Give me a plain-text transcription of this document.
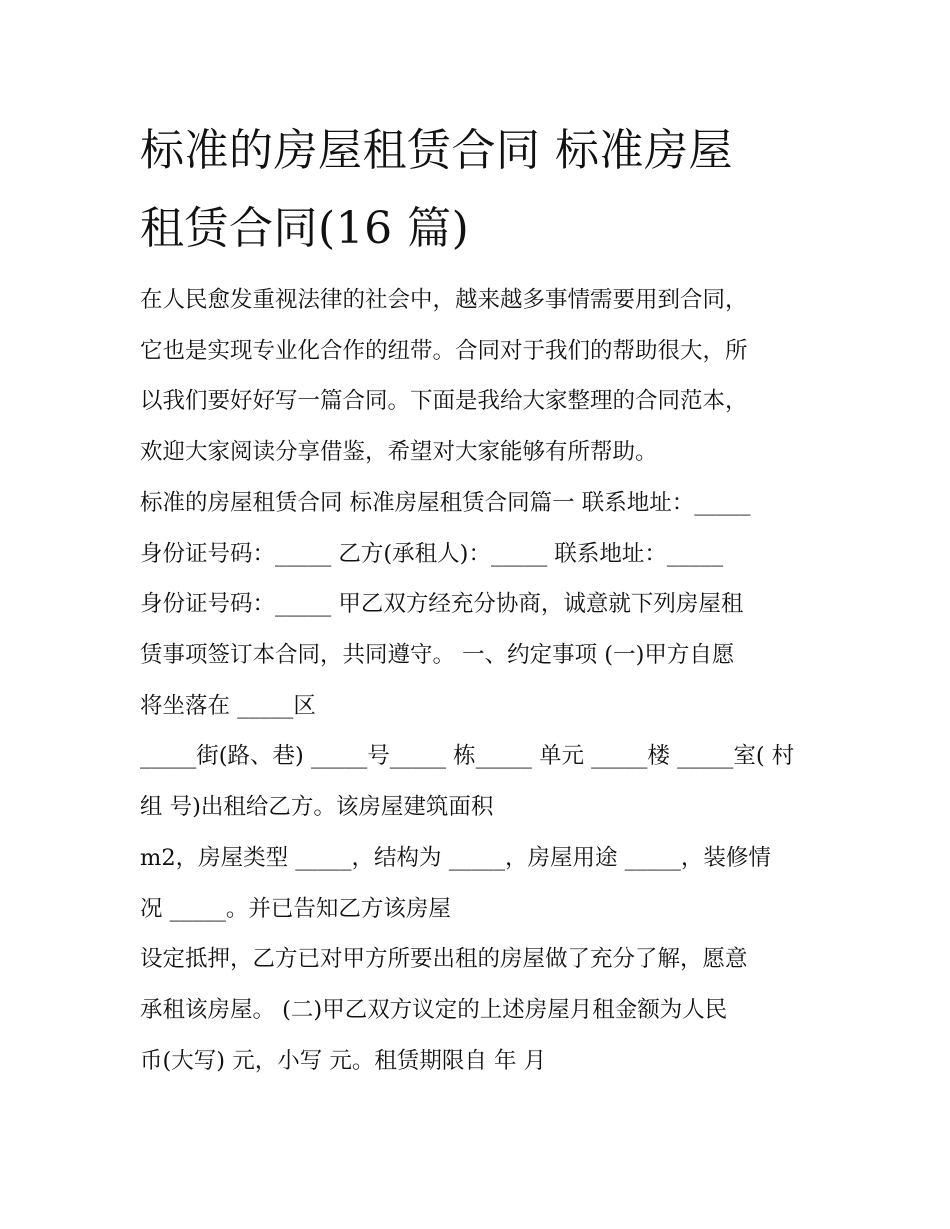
标准的房屋租赁合同 标准房屋
租赁合同(16 篇)
在人民愈发重视法律的社会中，越来越多事情需要用到合同，
它也是实现专业化合作的纽带。合同对于我们的帮助很大，所
以我们要好好写一篇合同。下面是我给大家整理的合同范本，
欢迎大家阅读分享借鉴，希望对大家能够有所帮助。
标准的房屋租赁合同 标准房屋租赁合同篇一 联系地址：_____
身份证号码：_____ 乙方(承租人)：_____ 联系地址：_____
身份证号码：_____ 甲乙双方经充分协商，诚意就下列房屋租
赁事项签订本合同，共同遵守。 一、约定事项 (一)甲方自愿
将坐落在 _____区
_____街(路、巷) _____号_____ 栋_____ 单元 _____楼 _____室( 村
组 号)出租给乙方。该房屋建筑面积
m2，房屋类型 _____，结构为 _____，房屋用途 _____，装修情
况 _____。并已告知乙方该房屋
设定抵押，乙方已对甲方所要出租的房屋做了充分了解，愿意
承租该房屋。 (二)甲乙双方议定的上述房屋月租金额为人民
币(大写) 元，小写 元。租赁期限自 年 月
